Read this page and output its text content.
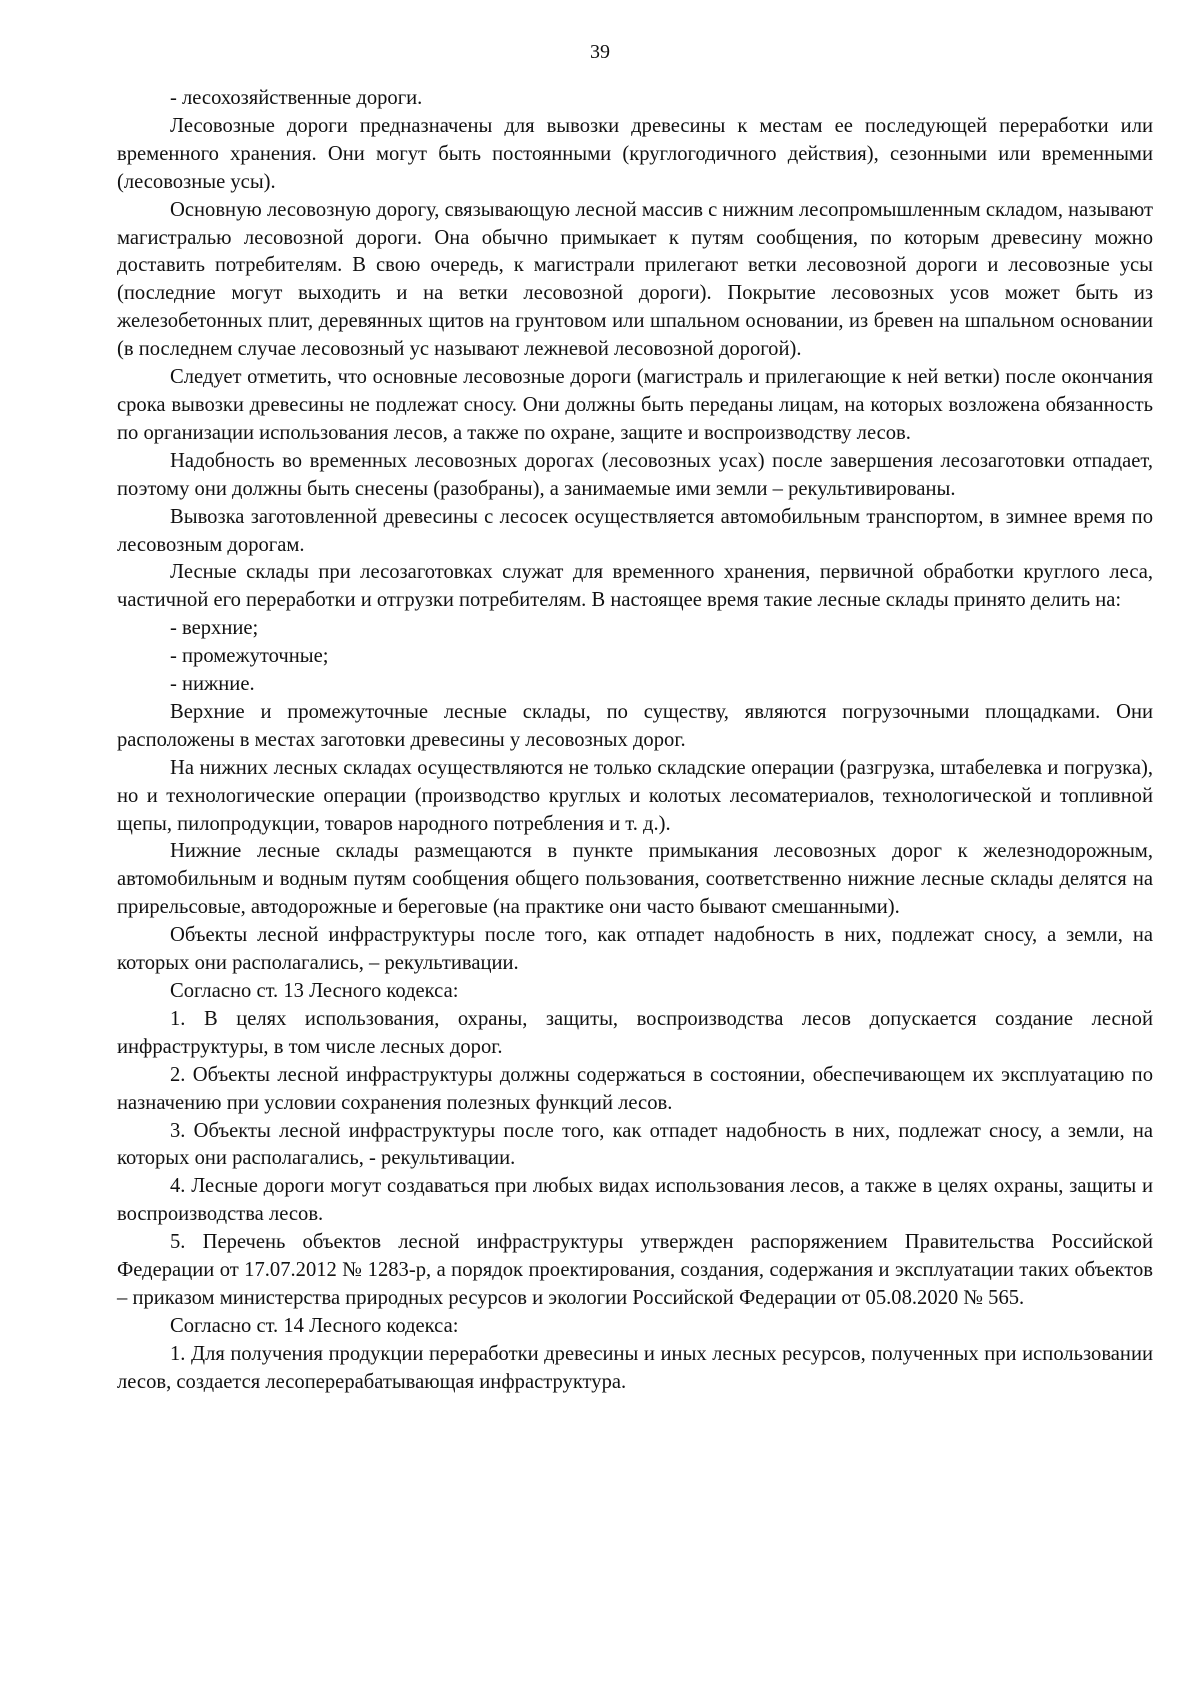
39

- лесохозяйственные дороги.

Лесовозные дороги предназначены для вывозки древесины к местам ее последующей переработки или временного хранения. Они могут быть постоянными (круглогодичного действия), сезонными или временными (лесовозные усы).

Основную лесовозную дорогу, связывающую лесной массив с нижним лесопромышленным складом, называют магистралью лесовозной дороги. Она обычно примыкает к путям сообщения, по которым древесину можно доставить потребителям. В свою очередь, к магистрали прилегают ветки лесовозной дороги и лесовозные усы (последние могут выходить и на ветки лесовозной дороги). Покрытие лесовозных усов может быть из железобетонных плит, деревянных щитов на грунтовом или шпальном основании, из бревен на шпальном основании (в последнем случае лесовозный ус называют лежневой лесовозной дорогой).

Следует отметить, что основные лесовозные дороги (магистраль и прилегающие к ней ветки) после окончания срока вывозки древесины не подлежат сносу. Они должны быть переданы лицам, на которых возложена обязанность по организации использования лесов, а также по охране, защите и воспроизводству лесов.

Надобность во временных лесовозных дорогах (лесовозных усах) после завершения лесозаготовки отпадает, поэтому они должны быть снесены (разобраны), а занимаемые ими земли – рекультивированы.

Вывозка заготовленной древесины с лесосек осуществляется автомобильным транспортом, в зимнее время по лесовозным дорогам.

Лесные склады при лесозаготовках служат для временного хранения, первичной обработки круглого леса, частичной его переработки и отгрузки потребителям. В настоящее время такие лесные склады принято делить на:

- верхние;

- промежуточные;

- нижние.

Верхние и промежуточные лесные склады, по существу, являются погрузочными площадками. Они расположены в местах заготовки древесины у лесовозных дорог.

На нижних лесных складах осуществляются не только складские операции (разгрузка, штабелевка и погрузка), но и технологические операции (производство круглых и колотых лесоматериалов, технологической и топливной щепы, пилопродукции, товаров народного потребления и т. д.).

Нижние лесные склады размещаются в пункте примыкания лесовозных дорог к железнодорожным, автомобильным и водным путям сообщения общего пользования, соответственно нижние лесные склады делятся на прирельсовые, автодорожные и береговые (на практике они часто бывают смешанными).

Объекты лесной инфраструктуры после того, как отпадет надобность в них, подлежат сносу, а земли, на которых они располагались, – рекультивации.

Согласно ст. 13 Лесного кодекса:

1. В целях использования, охраны, защиты, воспроизводства лесов допускается создание лесной инфраструктуры, в том числе лесных дорог.

2. Объекты лесной инфраструктуры должны содержаться в состоянии, обеспечивающем их эксплуатацию по назначению при условии сохранения полезных функций лесов.

3. Объекты лесной инфраструктуры после того, как отпадет надобность в них, подлежат сносу, а земли, на которых они располагались, - рекультивации.

4. Лесные дороги могут создаваться при любых видах использования лесов, а также в целях охраны, защиты и воспроизводства лесов.

5. Перечень объектов лесной инфраструктуры утвержден распоряжением Правительства Российской Федерации от 17.07.2012 № 1283-р, а порядок проектирования, создания, содержания и эксплуатации таких объектов – приказом министерства природных ресурсов и экологии Российской Федерации от 05.08.2020 № 565.

Согласно ст. 14 Лесного кодекса:

1. Для получения продукции переработки древесины и иных лесных ресурсов, полученных при использовании лесов, создается лесоперерабатывающая инфраструктура.
